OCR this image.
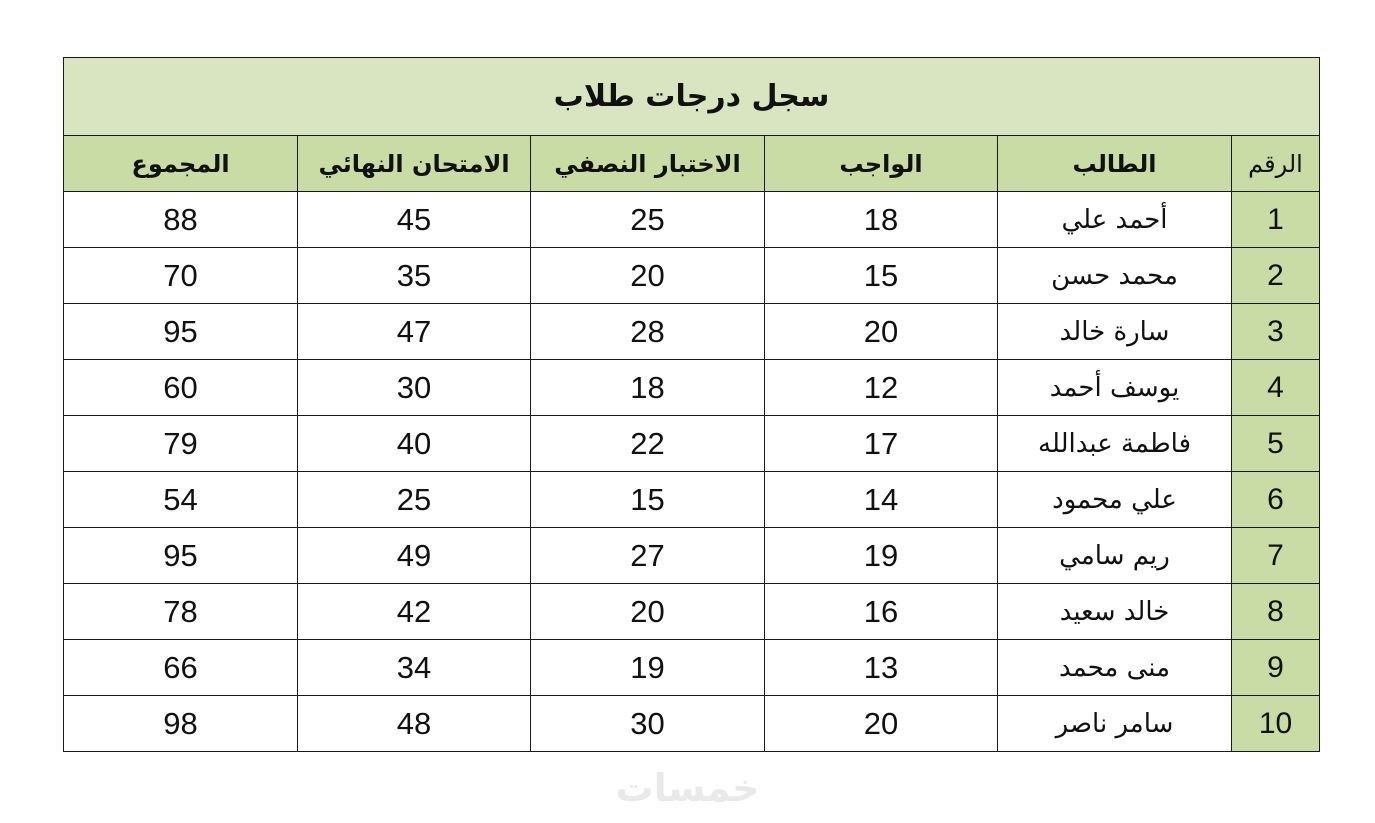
سجل درجات طلاب					
الرقم	الطالب	الواجب	الاختبار النصفي	الامتحان النهائي	المجموع
1	أحمد علي	18	25	45	88
2	محمد حسن	15	20	35	70
3	سارة خالد	20	28	47	95
4	يوسف أحمد	12	18	30	60
5	فاطمة عبدالله	17	22	40	79
6	علي محمود	14	15	25	54
7	ريم سامي	19	27	49	95
8	خالد سعيد	16	20	42	78
9	منى محمد	13	19	34	66
10	سامر ناصر	20	30	48	98
خمسات
